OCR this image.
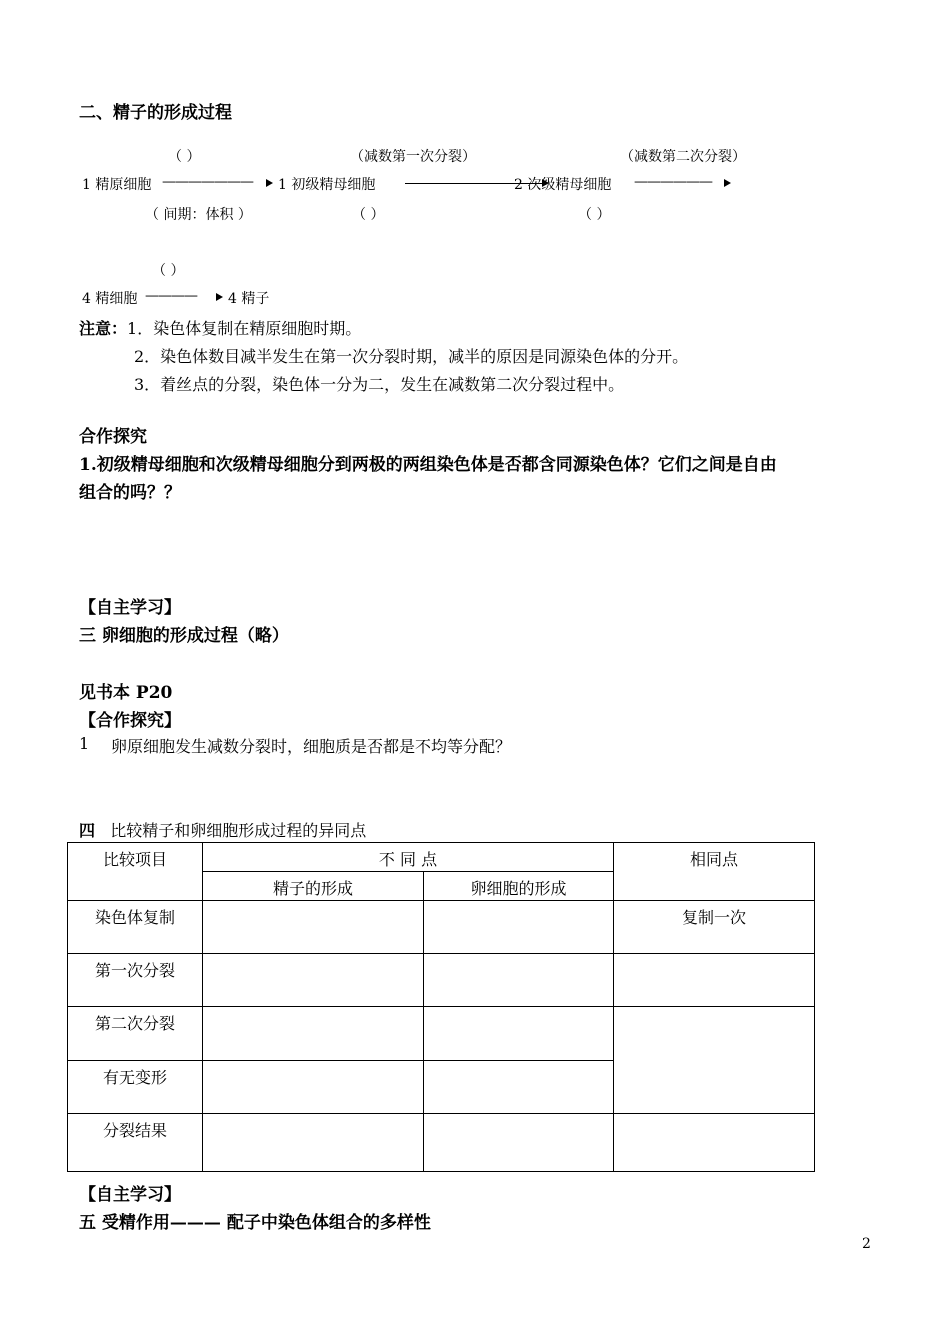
二、精子的形成过程
（ ）	（减数第一次分裂）	（减数第二次分裂）
1 精原细胞 ——————— 1 初级精母细胞	2 次级精母细胞 ——————
（ 间期：体积 ）	（ ）	（ ）
（ ）
4 精细胞 ———— 4 精子
注意：1．染色体复制在精原细胞时期。
2．染色体数目减半发生在第一次分裂时期，减半的原因是同源染色体的分开。
3．着丝点的分裂，染色体一分为二，发生在减数第二次分裂过程中。
合作探究
1.初级精母细胞和次级精母细胞分到两极的两组染色体是否都含同源染色体？它们之间是自由
组合的吗？？
【自主学习】
三 卵细胞的形成过程（略）
见书本 P20
【合作探究】
1 卵原细胞发生减数分裂时，细胞质是否都是不均等分配？
四 比较精子和卵细胞形成过程的异同点
比较项目	不 同 点		相同点
	精子的形成	卵细胞的形成	
染色体复制			复制一次
第一次分裂			
第二次分裂			
有无变形			
分裂结果			
【自主学习】
五 受精作用——— 配子中染色体组合的多样性
2
